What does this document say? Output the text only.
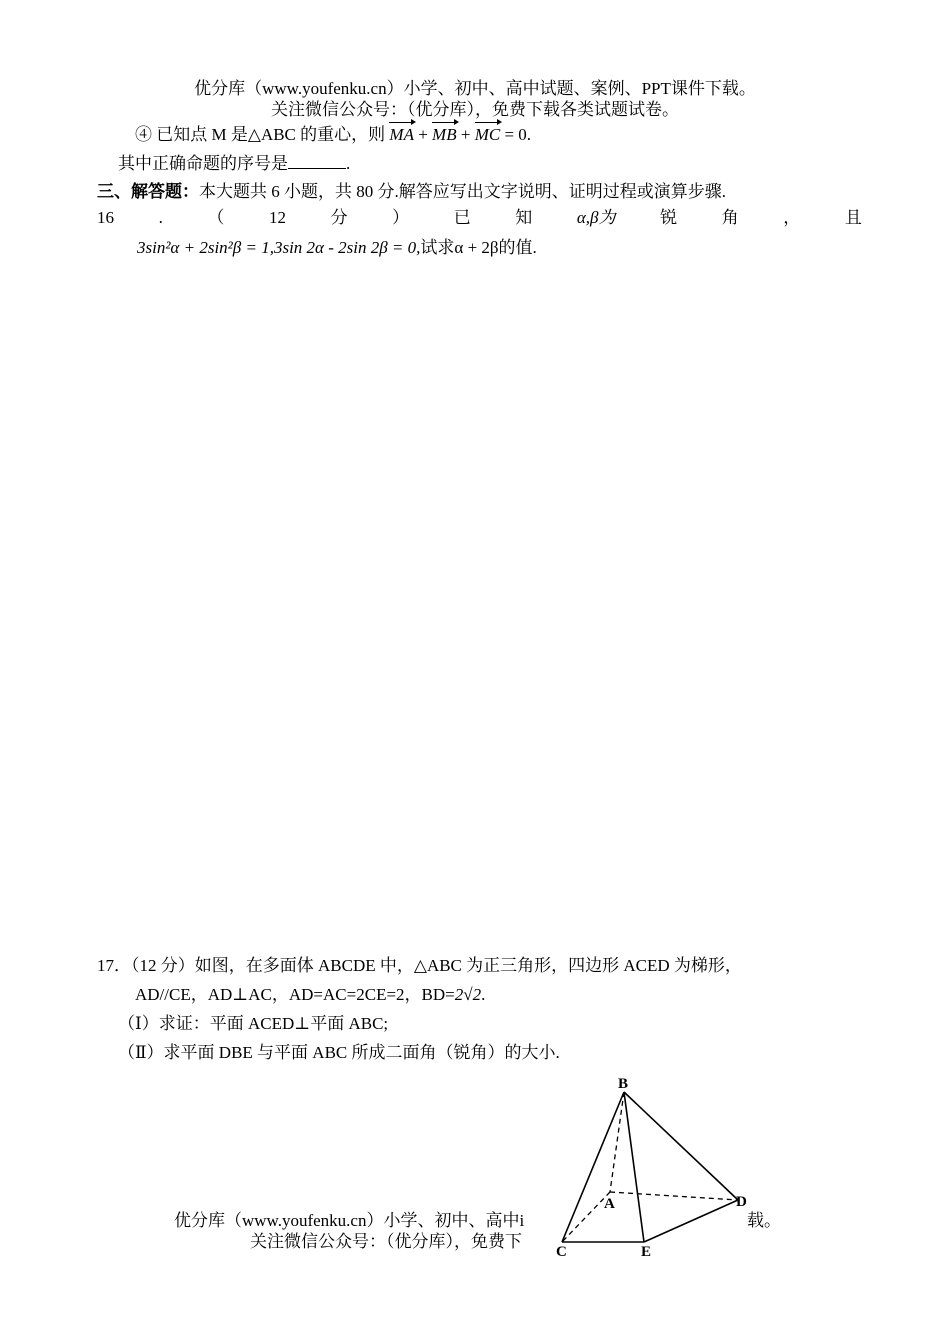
优分库（www.youfenku.cn）小学、初中、高中试题、案例、PPT课件下载。
关注微信公众号：（优分库），免费下载各类试题试卷。
④ 已知点 M 是△ABC 的重心，则 MA + MB + MC = 0.
其中正确命题的序号是	.
三、解答题：本大题共 6 小题，共 80 分.解答应写出文字说明、证明过程或演算步骤.
16	.	（	12	分	）	已	知	α,β为	锐	角	，	且
3sin²α + 2sin²β = 1,3sin 2α - 2sin 2β = 0,试求α + 2β的值.
17．（12 分）如图，在多面体 ABCDE 中，△ABC 为正三角形，四边形 ACED 为梯形，
AD//CE，AD⊥AC，AD=AC=2CE=2，BD=2√2.
（Ⅰ）求证：平面 ACED⊥平面 ABC;
（Ⅱ）求平面 DBE 与平面 ABC 所成二面角（锐角）的大小.
优分库（www.youfenku.cn）小学、初中、高中i	载。
关注微信公众号：（优分库），免费下
B
A	D
C	E
